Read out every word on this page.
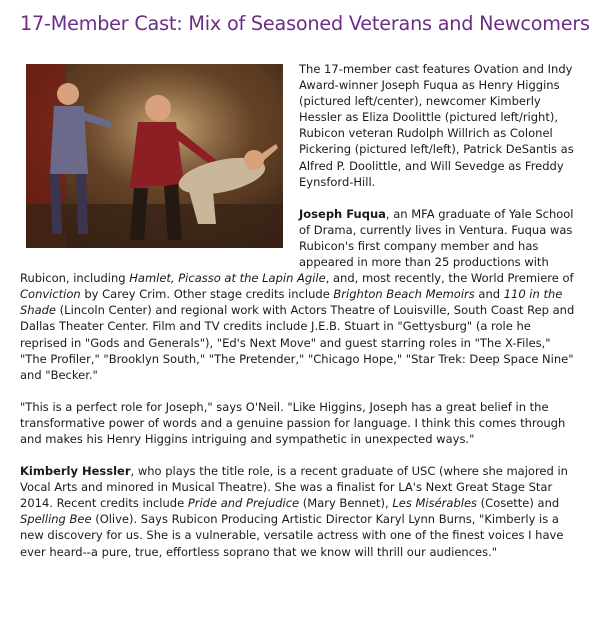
17-Member Cast: Mix of Seasoned Veterans and Newcomers

The 17-member cast features Ovation and Indy Award-winner Joseph Fuqua as Henry Higgins (pictured left/center), newcomer Kimberly Hessler as Eliza Doolittle (pictured left/right), Rubicon veteran Rudolph Willrich as Colonel Pickering (pictured left/left), Patrick DeSantis as Alfred P. Doolittle, and Will Sevedge as Freddy Eynsford-Hill.

Joseph Fuqua, an MFA graduate of Yale School of Drama, currently lives in Ventura. Fuqua was Rubicon's first company member and has appeared in more than 25 productions with Rubicon, including Hamlet, Picasso at the Lapin Agile, and, most recently, the World Premiere of Conviction by Carey Crim. Other stage credits include Brighton Beach Memoirs and 110 in the Shade (Lincoln Center) and regional work with Actors Theatre of Louisville, South Coast Rep and Dallas Theater Center. Film and TV credits include J.E.B. Stuart in "Gettysburg" (a role he reprised in "Gods and Generals"), "Ed's Next Move" and guest starring roles in "The X-Files," "The Profiler," "Brooklyn South," "The Pretender," "Chicago Hope," "Star Trek: Deep Space Nine" and "Becker."

"This is a perfect role for Joseph," says O'Neil. "Like Higgins, Joseph has a great belief in the transformative power of words and a genuine passion for language. I think this comes through and makes his Henry Higgins intriguing and sympathetic in unexpected ways."

Kimberly Hessler, who plays the title role, is a recent graduate of USC (where she majored in Vocal Arts and minored in Musical Theatre). She was a finalist for LA's Next Great Stage Star 2014. Recent credits include Pride and Prejudice (Mary Bennet), Les Misérables (Cosette) and Spelling Bee (Olive). Says Rubicon Producing Artistic Director Karyl Lynn Burns, "Kimberly is a new discovery for us. She is a vulnerable, versatile actress with one of the finest voices I have ever heard--a pure, true, effortless soprano that we know will thrill our audiences."
